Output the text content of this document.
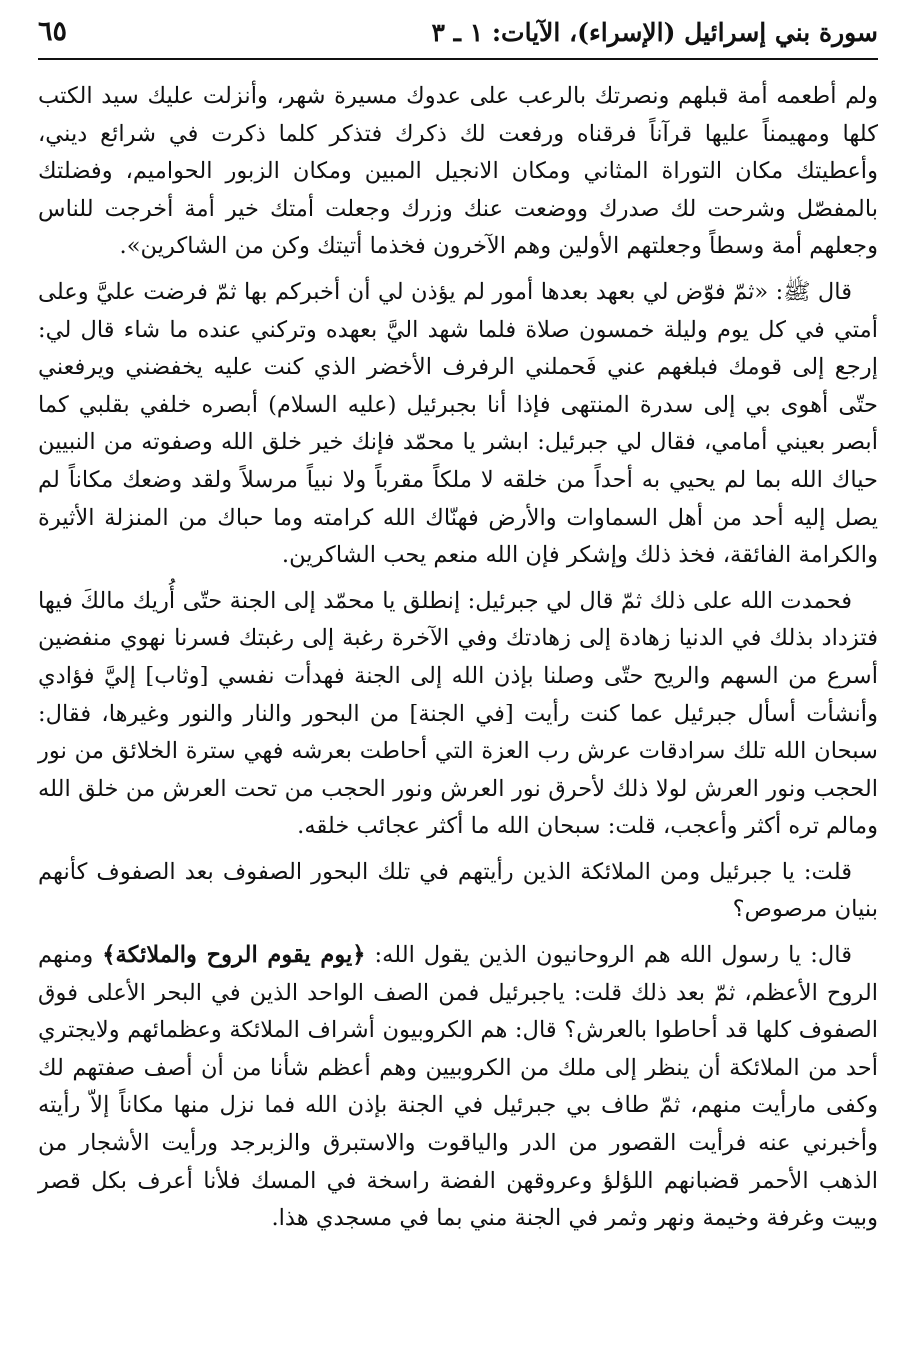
سورة بني إسرائيل (الإسراء)، الآيات: ١ ـ ٣
٦٥

ولم أطعمه أمة قبلهم ونصرتك بالرعب على عدوك مسيرة شهر، وأنزلت عليك سيد الكتب كلها ومهيمناً عليها قرآناً فرقناه ورفعت لك ذكرك فتذكر كلما ذكرت في شرائع ديني، وأعطيتك مكان التوراة المثاني ومكان الانجيل المبين ومكان الزبور الحواميم، وفضلتك بالمفصّل وشرحت لك صدرك ووضعت عنك وزرك وجعلت أمتك خير أمة أخرجت للناس وجعلهم أمة وسطاً وجعلتهم الأولين وهم الآخرون فخذما أتيتك وكن من الشاكرين».

قال ﷺ: «ثمّ فوّض لي بعهد بعدها أمور لم يؤذن لي أن أخبركم بها ثمّ فرضت عليَّ وعلى أمتي في كل يوم وليلة خمسون صلاة فلما شهد اليَّ بعهده وتركني عنده ما شاء قال لي: إرجع إلى قومك فبلغهم عني فَحملني الرفرف الأخضر الذي كنت عليه يخفضني ويرفعني حتّى أهوى بي إلى سدرة المنتهى فإذا أنا بجبرئيل (عليه السلام) أبصره خلفي بقلبي كما أبصر بعيني أمامي، فقال لي جبرئيل: ابشر يا محمّد فإنك خير خلق الله وصفوته من النبيين حياك الله بما لم يحيي به أحداً من خلقه لا ملكاً مقرباً ولا نبياً مرسلاً ولقد وضعك مكاناً لم يصل إليه أحد من أهل السماوات والأرض فهنّاك الله كرامته وما حباك من المنزلة الأثيرة والكرامة الفائقة، فخذ ذلك وإشكر فإن الله منعم يحب الشاكرين.

فحمدت الله على ذلك ثمّ قال لي جبرئيل: إنطلق يا محمّد إلى الجنة حتّى أُريك مالكَ فيها فتزداد بذلك في الدنيا زهادة إلى زهادتك وفي الآخرة رغبة إلى رغبتك فسرنا نهوي منفضين أسرع من السهم والريح حتّى وصلنا بإذن الله إلى الجنة فهدأت نفسي [وثاب] إليَّ فؤادي وأنشأت أسأل جبرئيل عما كنت رأيت [في الجنة] من البحور والنار والنور وغيرها، فقال: سبحان الله تلك سرادقات عرش رب العزة التي أحاطت بعرشه فهي سترة الخلائق من نور الحجب ونور العرش لولا ذلك لأحرق نور العرش ونور الحجب من تحت العرش من خلق الله ومالم تره أكثر وأعجب، قلت: سبحان الله ما أكثر عجائب خلقه.

قلت: يا جبرئيل ومن الملائكة الذين رأيتهم في تلك البحور الصفوف بعد الصفوف كأنهم بنيان مرصوص؟

قال: يا رسول الله هم الروحانيون الذين يقول الله: ﴿يوم يقوم الروح والملائكة﴾ ومنهم الروح الأعظم، ثمّ بعد ذلك قلت: ياجبرئيل فمن الصف الواحد الذين في البحر الأعلى فوق الصفوف كلها قد أحاطوا بالعرش؟ قال: هم الكروبيون أشراف الملائكة وعظمائهم ولايجتري أحد من الملائكة أن ينظر إلى ملك من الكروبيين وهم أعظم شأنا من أن أصف صفتهم لك وكفى مارأيت منهم، ثمّ طاف بي جبرئيل في الجنة بإذن الله فما نزل منها مكاناً إلاّ رأيته وأخبرني عنه فرأيت القصور من الدر والياقوت والاستبرق والزبرجد ورأيت الأشجار من الذهب الأحمر قضبانهم اللؤلؤ وعروقهن الفضة راسخة في المسك فلأنا أعرف بكل قصر وبيت وغرفة وخيمة ونهر وثمر في الجنة مني بما في مسجدي هذا.
